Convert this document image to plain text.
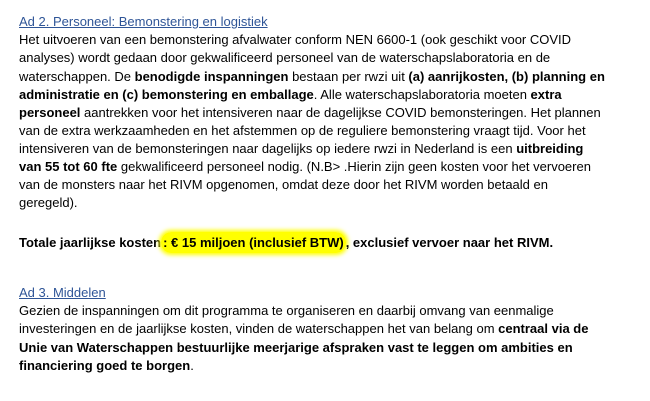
Ad 2. Personeel: Bemonstering en logistiek
Het uitvoeren van een bemonstering afvalwater conform NEN 6600-1 (ook geschikt voor COVID
analyses) wordt gedaan door gekwalificeerd personeel van de waterschapslaboratoria en de
waterschappen. De benodigde inspanningen bestaan per rwzi uit (a) aanrijkosten, (b) planning en
administratie en (c) bemonstering en emballage. Alle waterschapslaboratoria moeten extra
personeel aantrekken voor het intensiveren naar de dagelijkse COVID bemonsteringen. Het plannen
van de extra werkzaamheden en het afstemmen op de reguliere bemonstering vraagt tijd. Voor het
intensiveren van de bemonsteringen naar dagelijks op iedere rwzi in Nederland is een uitbreiding
van 55 tot 60 fte gekwalificeerd personeel nodig. (N.B> .Hierin zijn geen kosten voor het vervoeren
van de monsters naar het RIVM opgenomen, omdat deze door het RIVM worden betaald en
geregeld).
Totale jaarlijkse kosten : € 15 miljoen (inclusief BTW) , exclusief vervoer naar het RIVM.
Ad 3. Middelen
Gezien de inspanningen om dit programma te organiseren en daarbij omvang van eenmalige
investeringen en de jaarlijkse kosten, vinden de waterschappen het van belang om centraal via de
Unie van Waterschappen bestuurlijke meerjarige afspraken vast te leggen om ambities en
financiering goed te borgen.
